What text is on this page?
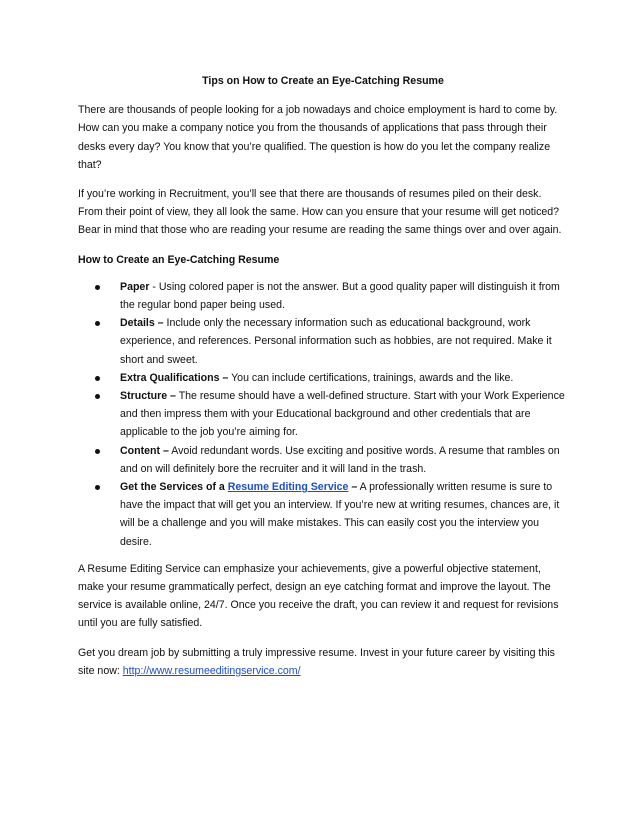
Tips on How to Create an Eye-Catching Resume

There are thousands of people looking for a job nowadays and choice employment is hard to come by. How can you make a company notice you from the thousands of applications that pass through their desks every day? You know that you’re qualified. The question is how do you let the company realize that?

If you’re working in Recruitment, you’ll see that there are thousands of resumes piled on their desk. From their point of view, they all look the same. How can you ensure that your resume will get noticed? Bear in mind that those who are reading your resume are reading the same things over and over again.

How to Create an Eye-Catching Resume
Paper - Using colored paper is not the answer. But a good quality paper will distinguish it from the regular bond paper being used.
Details – Include only the necessary information such as educational background, work experience, and references. Personal information such as hobbies, are not required. Make it short and sweet.
Extra Qualifications – You can include certifications, trainings, awards and the like.
Structure – The resume should have a well-defined structure. Start with your Work Experience and then impress them with your Educational background and other credentials that are applicable to the job you’re aiming for.
Content – Avoid redundant words. Use exciting and positive words. A resume that rambles on and on will definitely bore the recruiter and it will land in the trash.
Get the Services of a Resume Editing Service – A professionally written resume is sure to have the impact that will get you an interview. If you’re new at writing resumes, chances are, it will be a challenge and you will make mistakes. This can easily cost you the interview you desire.

A Resume Editing Service can emphasize your achievements, give a powerful objective statement, make your resume grammatically perfect, design an eye catching format and improve the layout. The service is available online, 24/7. Once you receive the draft, you can review it and request for revisions until you are fully satisfied.

Get you dream job by submitting a truly impressive resume. Invest in your future career by visiting this site now: http://www.resumeeditingservice.com/
